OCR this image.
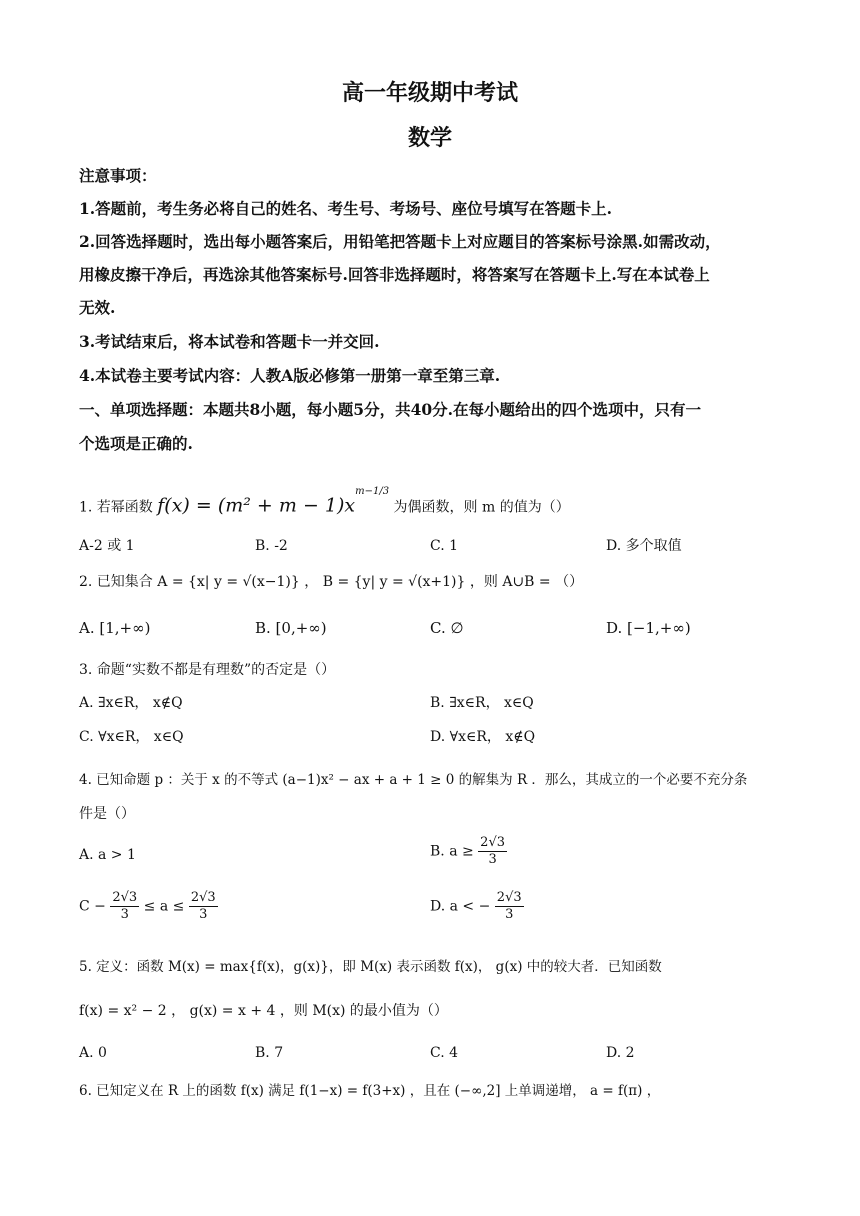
高一年级期中考试
数学
注意事项：
1.答题前，考生务必将自己的姓名、考生号、考场号、座位号填写在答题卡上.
2.回答选择题时，选出每小题答案后，用铅笔把答题卡上对应题目的答案标号涂黑.如需改动，
用橡皮擦干净后，再选涂其他答案标号.回答非选择题时，将答案写在答题卡上.写在本试卷上
无效.
3.考试结束后，将本试卷和答题卡一并交回.
4.本试卷主要考试内容：人教A版必修第一册第一章至第三章.
一、单项选择题：本题共8小题，每小题5分，共40分.在每小题给出的四个选项中，只有一
个选项是正确的.
1. 若幂函数 $f(x) = (m^2 + m - 1)x^{m-1/3}$ 为偶函数，则 m 的值为（）
A-2 或 1	B. -2	C. 1	D. 多个取值
2. 已知集合 A = {x| y = √(x−1)} ， B = {y| y = √(x+1)} ，则 A∪B = （）
A. [1,+∞)	B. [0,+∞)	C. ∅	D. [−1,+∞)
3. 命题“实数不都是有理数”的否定是（）
A. ∃x∈R， x∉Q	B. ∃x∈R， x∈Q
C. ∀x∈R， x∈Q	D. ∀x∈R， x∉Q
4. 已知命题 p ：关于 x 的不等式 (a−1)x² − ax + a + 1 ≥ 0 的解集为 R ．那么，其成立的一个必要不充分条
件是（）
A. a > 1	B. $a \ge \frac{2√3}{3}$
$C - \frac{2√3}{3} \le a \le \frac{2√3}{3}$	D. a < − $\frac{2√3}{3}$
5. 定义：函数 M(x) = max{f(x)，g(x)}，即 M(x) 表示函数 f(x)， g(x) 中的较大者．已知函数
f(x) = x² − 2 ， g(x) = x + 4 ，则 M(x) 的最小值为（）
A. 0	B. 7	C. 4	D. 2
6. 已知定义在 R 上的函数 f(x) 满足 f(1−x) = f(3+x) ，且在 (−∞,2] 上单调递增， a = f(π) ，
